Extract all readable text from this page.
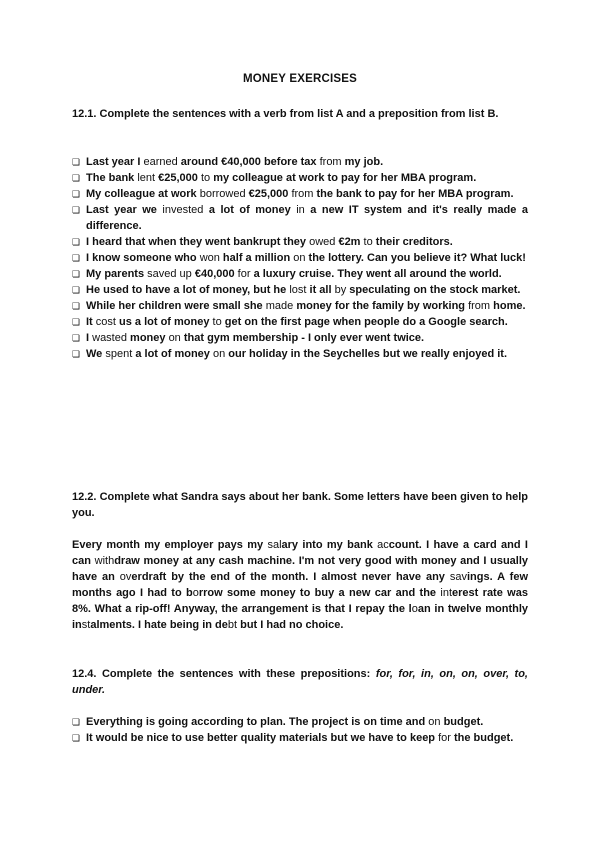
MONEY EXERCISES

12.1. Complete the sentences with a verb from list A and a preposition from list B.

❏ Last year I earned around €40,000 before tax from my job.
❏ The bank lent €25,000 to my colleague at work to pay for her MBA program.
❏ My colleague at work borrowed €25,000 from the bank to pay for her MBA program.
❏ Last year we invested a lot of money in a new IT system and it's really made a difference.
❏ I heard that when they went bankrupt they owed €2m to their creditors.
❏ I know someone who won half a million on the lottery. Can you believe it? What luck!
❏ My parents saved up €40,000 for a luxury cruise. They went all around the world.
❏ He used to have a lot of money, but he lost it all by speculating on the stock market.
❏ While her children were small she made money for the family by working from home.
❏ It cost us a lot of money to get on the first page when people do a Google search.
❏ I wasted money on that gym membership - I only ever went twice.
❏ We spent a lot of money on our holiday in the Seychelles but we really enjoyed it.

12.2. Complete what Sandra says about her bank. Some letters have been given to help you.

Every month my employer pays my salary into my bank account. I have a card and I can withdraw money at any cash machine. I'm not very good with money and I usually have an overdraft by the end of the month. I almost never have any savings. A few months ago I had to borrow some money to buy a new car and the interest rate was 8%. What a rip-off! Anyway, the arrangement is that I repay the loan in twelve monthly instalments. I hate being in debt but I had no choice.

12.4. Complete the sentences with these prepositions: for, for, in, on, on, over, to, under.

❏ Everything is going according to plan. The project is on time and on budget.
❏ It would be nice to use better quality materials but we have to keep for the budget.
